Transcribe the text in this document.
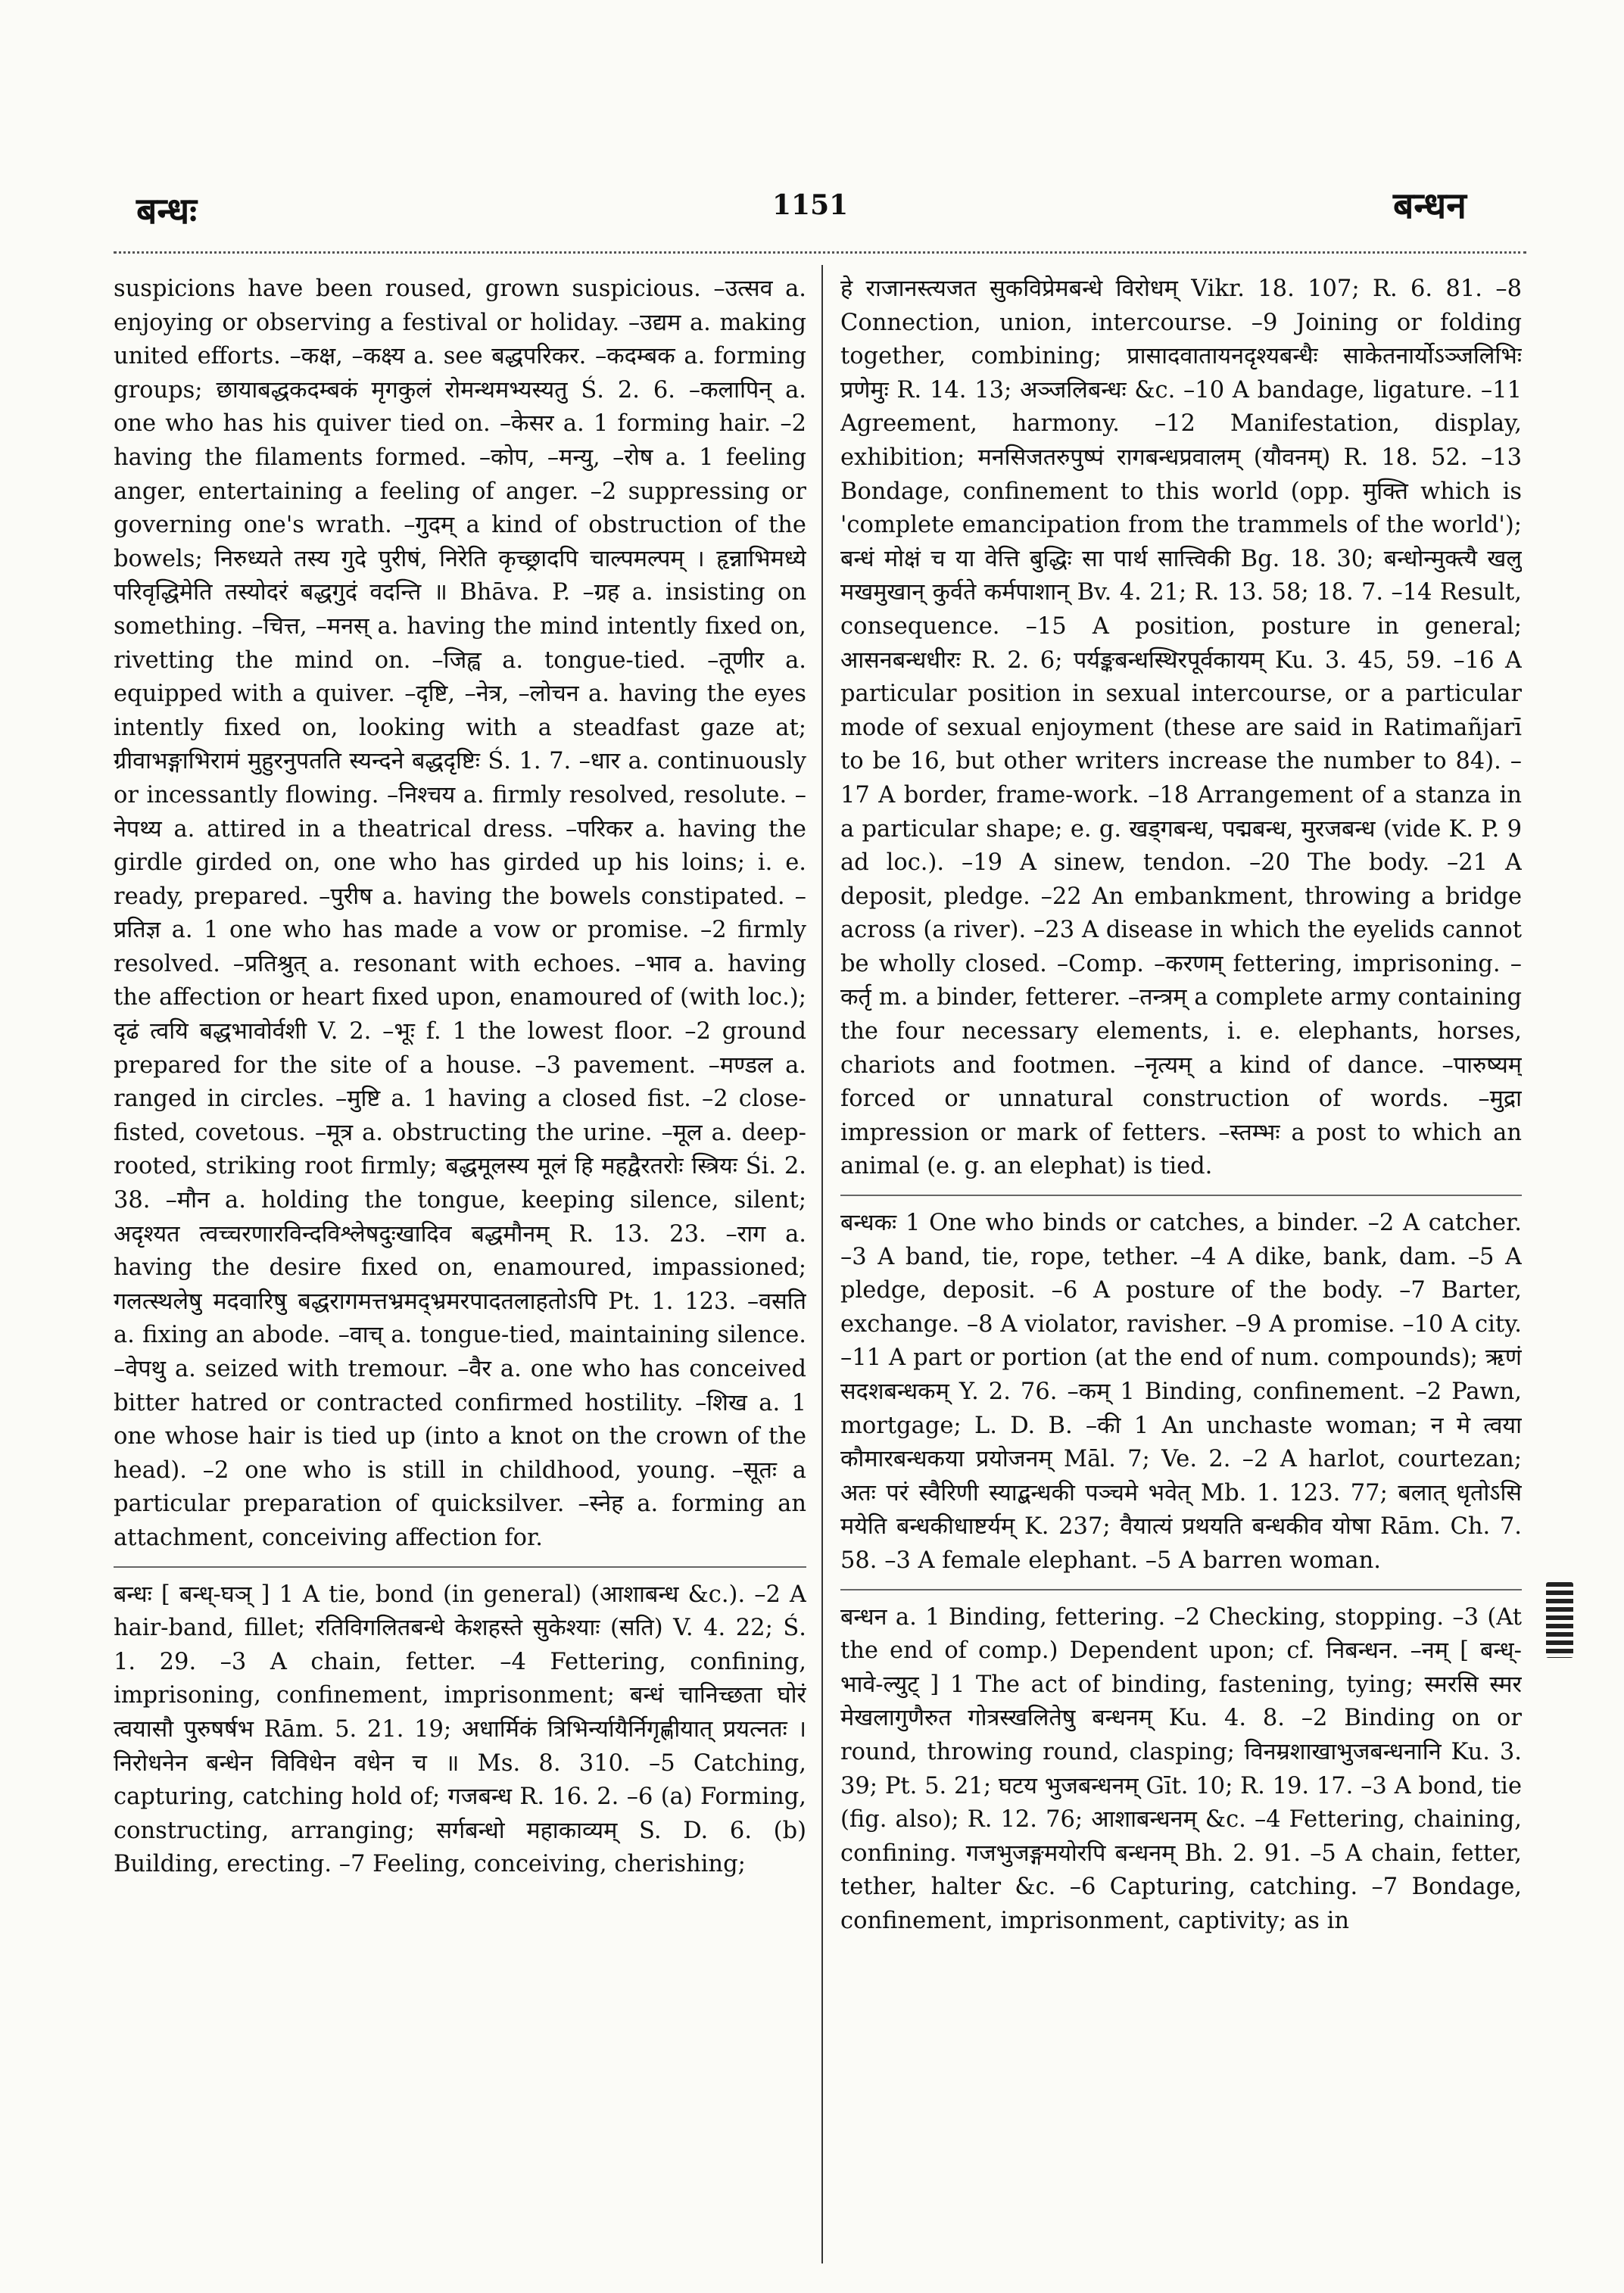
बन्धः	1151	बन्धन

suspicions have been roused, grown suspicious. –उत्सव a. enjoying or observing a festival or holiday. –उद्यम a. making united efforts. –कक्ष, –कक्ष्य a. see बद्धपरिकर. –कदम्बक a. forming groups; छायाबद्धकदम्बकं मृगकुलं रोमन्थमभ्यस्यतु Ś. 2. 6. –कलापिन् a. one who has his quiver tied on. –केसर a. 1 forming hair. –2 having the filaments formed. –कोप, –मन्यु, –रोष a. 1 feeling anger, entertaining a feeling of anger. –2 suppressing or governing one's wrath. –गुदम् a kind of obstruction of the bowels; निरुध्यते तस्य गुदे पुरीषं, निरेति कृच्छ्रादपि चाल्पमल्पम् । हृन्नाभिमध्ये परिवृद्धिमेति तस्योदरं बद्धगुदं वदन्ति ॥ Bhāva. P. –ग्रह a. insisting on something. –चित्त, –मनस् a. having the mind intently fixed on, rivetting the mind on. –जिह्व a. tongue-tied. –तूणीर a. equipped with a quiver. –दृष्टि, –नेत्र, –लोचन a. having the eyes intently fixed on, looking with a steadfast gaze at; ग्रीवाभङ्गाभिरामं मुहुरनुपतति स्यन्दने बद्धदृष्टिः Ś. 1. 7. –धार a. continuously or incessantly flowing. –निश्चय a. firmly resolved, resolute. –नेपथ्य a. attired in a theatrical dress. –परिकर a. having the girdle girded on, one who has girded up his loins; i. e. ready, prepared. –पुरीष a. having the bowels constipated. –प्रतिज्ञ a. 1 one who has made a vow or promise. –2 firmly resolved. –प्रतिश्रुत् a. resonant with echoes. –भाव a. having the affection or heart fixed upon, enamoured of (with loc.); दृढं त्वयि बद्धभावोर्वशी V. 2. –भूः f. 1 the lowest floor. –2 ground prepared for the site of a house. –3 pavement. –मण्डल a. ranged in circles. –मुष्टि a. 1 having a closed fist. –2 close-fisted, covetous. –मूत्र a. obstructing the urine. –मूल a. deep-rooted, striking root firmly; बद्धमूलस्य मूलं हि महद्वैरतरोः स्त्रियः Śi. 2. 38. –मौन a. holding the tongue, keeping silence, silent; अदृश्यत त्वच्चरणारविन्दविश्लेषदुःखादिव बद्धमौनम् R. 13. 23. –राग a. having the desire fixed on, enamoured, impassioned; गलत्स्थलेषु मदवारिषु बद्धरागमत्तभ्रमद्भ्रमरपादतलाहतोऽपि Pt. 1. 123. –वसति a. fixing an abode. –वाच् a. tongue-tied, maintaining silence. –वेपथु a. seized with tremour. –वैर a. one who has conceived bitter hatred or contracted confirmed hostility. –शिख a. 1 one whose hair is tied up (into a knot on the crown of the head). –2 one who is still in childhood, young. –सूतः a particular preparation of quicksilver. –स्नेह a. forming an attachment, conceiving affection for.

बन्धः [ बन्ध्-घञ् ] 1 A tie, bond (in general) (आशाबन्ध &c.). –2 A hair-band, fillet; रतिविगलितबन्धे केशहस्ते सुकेश्याः (सति) V. 4. 22; Ś. 1. 29. –3 A chain, fetter. –4 Fettering, confining, imprisoning, confinement, imprisonment; बन्धं चानिच्छता घोरं त्वयासौ पुरुषर्षभ Rām. 5. 21. 19; अधार्मिकं त्रिभिर्न्यायैर्निगृह्णीयात् प्रयत्नतः । निरोधनेन बन्धेन विविधेन वधेन च ॥ Ms. 8. 310. –5 Catching, capturing, catching hold of; गजबन्ध R. 16. 2. –6 (a) Forming, constructing, arranging; सर्गबन्धो महाकाव्यम् S. D. 6. (b) Building, erecting. –7 Feeling, conceiving, cherishing;

हे राजानस्त्यजत सुकविप्रेमबन्धे विरोधम् Vikr. 18. 107; R. 6. 81. –8 Connection, union, intercourse. –9 Joining or folding together, combining; प्रासादवातायनदृश्यबन्धैः साकेतनार्योऽञ्जलिभिः प्रणेमुः R. 14. 13; अञ्जलिबन्धः &c. –10 A bandage, ligature. –11 Agreement, harmony. –12 Manifestation, display, exhibition; मनसिजतरुपुष्पं रागबन्धप्रवालम् (यौवनम्) R. 18. 52. –13 Bondage, confinement to this world (opp. मुक्ति which is 'complete emancipation from the trammels of the world'); बन्धं मोक्षं च या वेत्ति बुद्धिः सा पार्थ सात्त्विकी Bg. 18. 30; बन्धोन्मुक्त्यै खलु मखमुखान् कुर्वते कर्मपाशान् Bv. 4. 21; R. 13. 58; 18. 7. –14 Result, consequence. –15 A position, posture in general; आसनबन्धधीरः R. 2. 6; पर्यङ्कबन्धस्थिरपूर्वकायम् Ku. 3. 45, 59. –16 A particular position in sexual intercourse, or a particular mode of sexual enjoyment (these are said in Ratimañjarī to be 16, but other writers increase the number to 84). –17 A border, frame-work. –18 Arrangement of a stanza in a particular shape; e. g. खड्गबन्ध, पद्मबन्ध, मुरजबन्ध (vide K. P. 9 ad loc.). –19 A sinew, tendon. –20 The body. –21 A deposit, pledge. –22 An embankment, throwing a bridge across (a river). –23 A disease in which the eyelids cannot be wholly closed. –Comp. –करणम् fettering, imprisoning. –कर्तृ m. a binder, fetterer. –तन्त्रम् a complete army containing the four necessary elements, i. e. elephants, horses, chariots and footmen. –नृत्यम् a kind of dance. –पारुष्यम् forced or unnatural construction of words. –मुद्रा impression or mark of fetters. –स्तम्भः a post to which an animal (e. g. an elephat) is tied.

बन्धकः 1 One who binds or catches, a binder. –2 A catcher. –3 A band, tie, rope, tether. –4 A dike, bank, dam. –5 A pledge, deposit. –6 A posture of the body. –7 Barter, exchange. –8 A violator, ravisher. –9 A promise. –10 A city. –11 A part or portion (at the end of num. compounds); ऋणं सदशबन्धकम् Y. 2. 76. –कम् 1 Binding, confinement. –2 Pawn, mortgage; L. D. B. –की 1 An unchaste woman; न मे त्वया कौमारबन्धकया प्रयोजनम् Māl. 7; Ve. 2. –2 A harlot, courtezan; अतः परं स्वैरिणी स्याद्बन्धकी पञ्चमे भवेत् Mb. 1. 123. 77; बलात् धृतोऽसि मयेति बन्धकीधाष्टर्यम् K. 237; वैयात्यं प्रथयति बन्धकीव योषा Rām. Ch. 7. 58. –3 A female elephant. –5 A barren woman.

बन्धन a. 1 Binding, fettering. –2 Checking, stopping. –3 (At the end of comp.) Dependent upon; cf. निबन्धन. –नम् [ बन्ध्-भावे-ल्युट् ] 1 The act of binding, fastening, tying; स्मरसि स्मर मेखलागुणैरुत गोत्रस्खलितेषु बन्धनम् Ku. 4. 8. –2 Binding on or round, throwing round, clasping; विनम्रशाखाभुजबन्धनानि Ku. 3. 39; Pt. 5. 21; घटय भुजबन्धनम् Gīt. 10; R. 19. 17. –3 A bond, tie (fig. also); R. 12. 76; आशाबन्धनम् &c. –4 Fettering, chaining, confining. गजभुजङ्गमयोरपि बन्धनम् Bh. 2. 91. –5 A chain, fetter, tether, halter &c. –6 Capturing, catching. –7 Bondage, confinement, imprisonment, captivity; as in
